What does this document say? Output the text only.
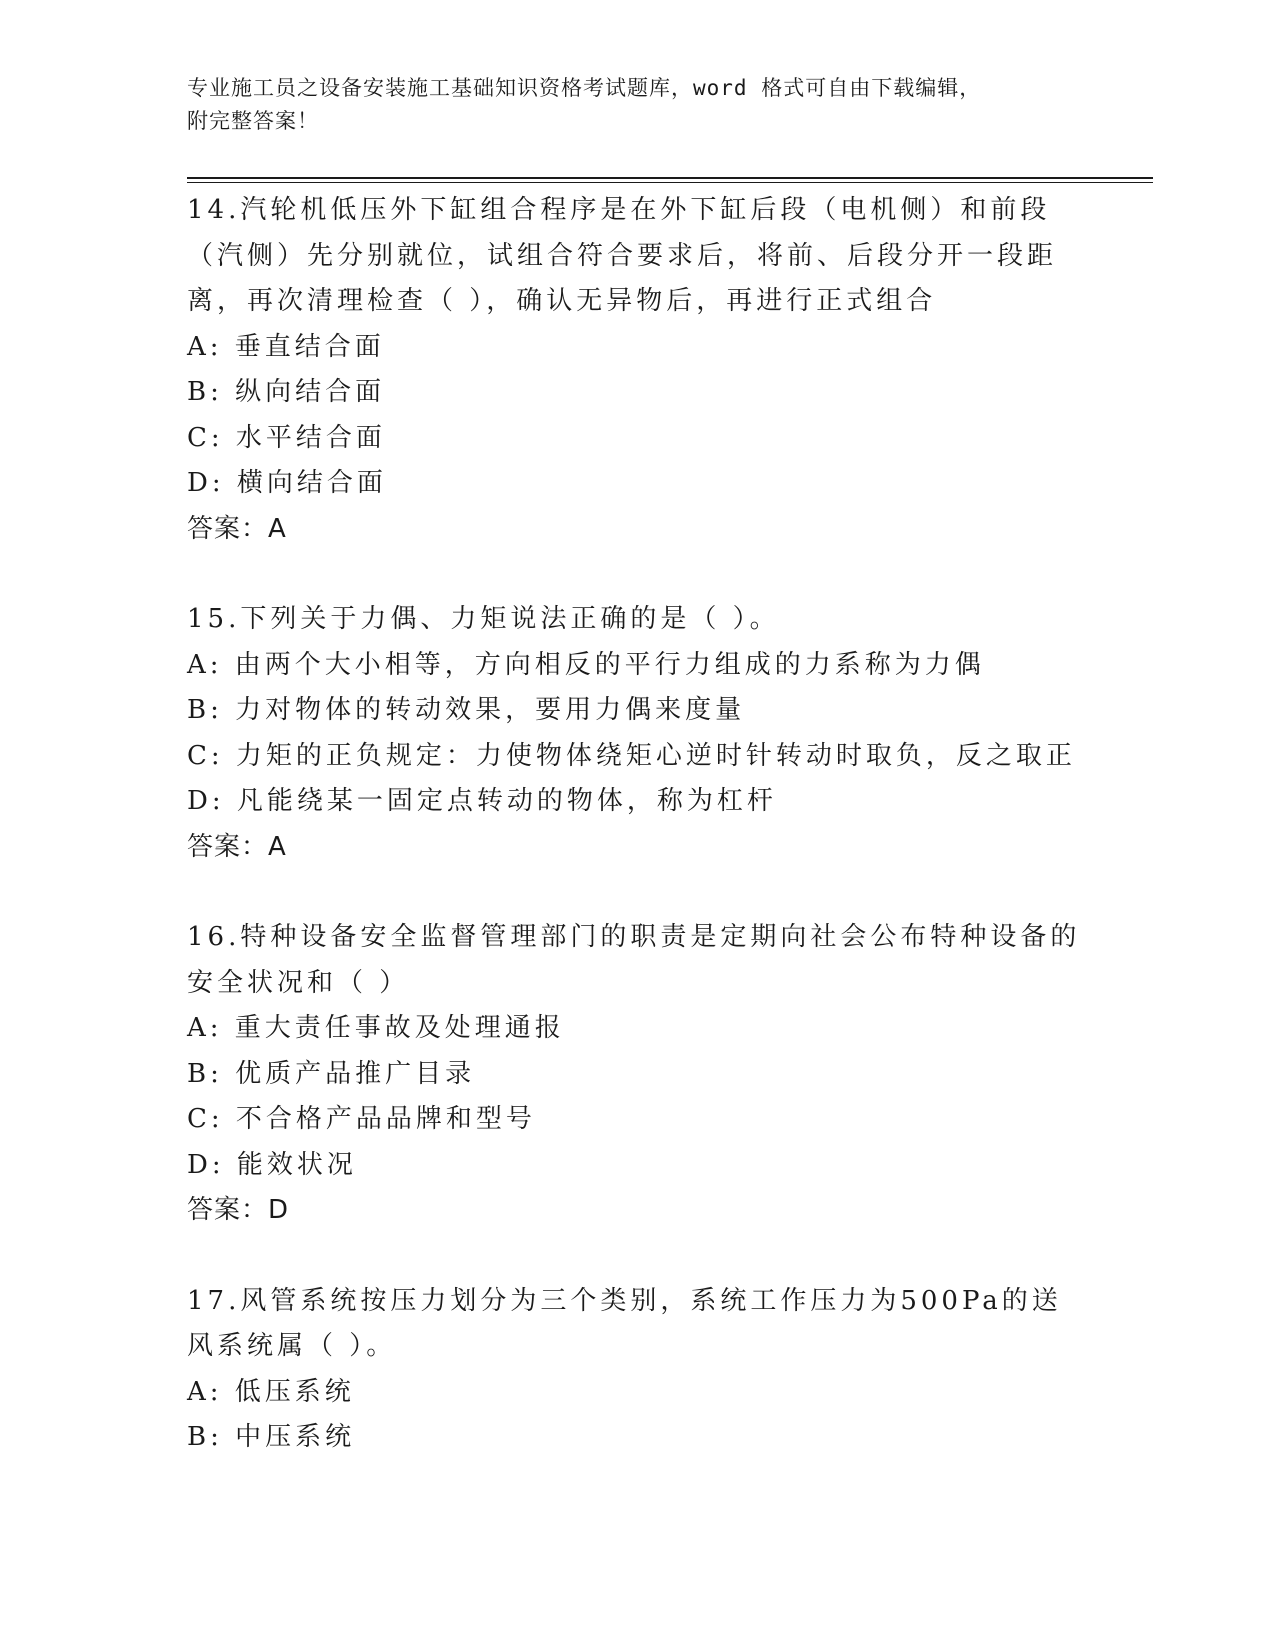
专业施工员之设备安装施工基础知识资格考试题库，word 格式可自由下载编辑，
附完整答案！

14.汽轮机低压外下缸组合程序是在外下缸后段（电机侧）和前段（汽侧）先分别就位，试组合符合要求后，将前、后段分开一段距离，再次清理检查（ ），确认无异物后，再进行正式组合

A: 垂直结合面

B: 纵向结合面

C: 水平结合面

D: 横向结合面

答案：A

15.下列关于力偶、力矩说法正确的是（ ）。

A: 由两个大小相等，方向相反的平行力组成的力系称为力偶

B: 力对物体的转动效果，要用力偶来度量

C: 力矩的正负规定：力使物体绕矩心逆时针转动时取负，反之取正

D: 凡能绕某一固定点转动的物体，称为杠杆

答案：A

16.特种设备安全监督管理部门的职责是定期向社会公布特种设备的安全状况和（ ）

A: 重大责任事故及处理通报

B: 优质产品推广目录

C: 不合格产品品牌和型号

D: 能效状况

答案：D

17.风管系统按压力划分为三个类别，系统工作压力为500Pa的送风系统属（ ）。

A: 低压系统

B: 中压系统
